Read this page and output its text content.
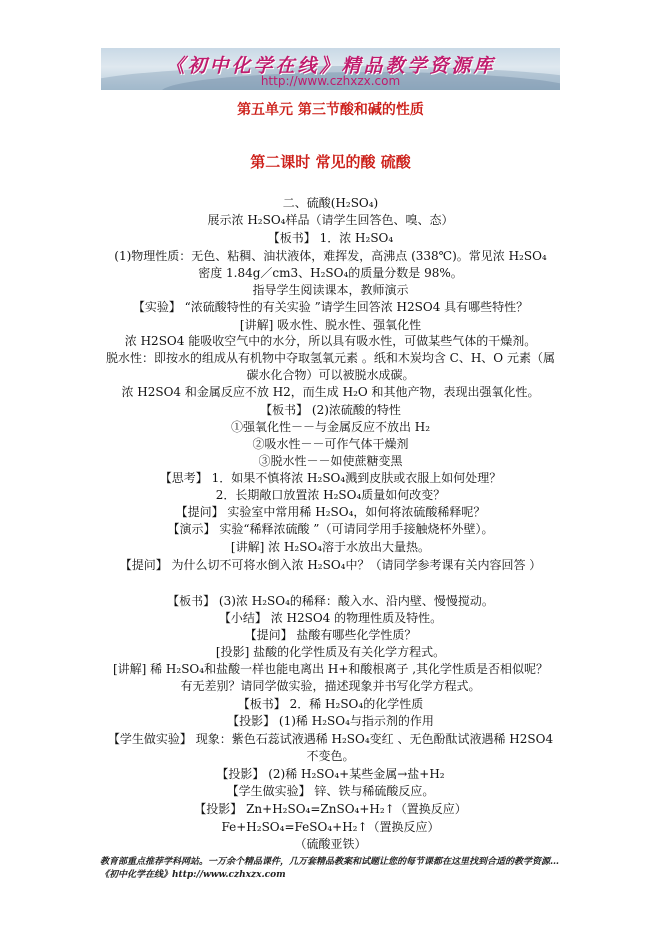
《初中化学在线》精品教学资源库
http://www.czhxzx.com
第五单元 第三节酸和碱的性质
第二课时 常见的酸 硫酸
二、硫酸(H₂SO₄)
展示浓 H₂SO₄样品（请学生回答色、嗅、态）
【板书】 1．浓 H₂SO₄
(1)物理性质：无色、粘稠、油状液体，难挥发，高沸点 (338℃)。常见浓 H₂SO₄
密度 1.84g／cm3、H₂SO₄的质量分数是 98%。
指导学生阅读课本，教师演示
【实验】 “浓硫酸特性的有关实验 ”请学生回答浓 H2SO4 具有哪些特性？
[讲解] 吸水性、脱水性、强氧化性
浓 H2SO4 能吸收空气中的水分，所以具有吸水性，可做某些气体的干燥剂。
脱水性：即按水的组成从有机物中夺取氢氧元素 。纸和木炭均含 C、H、O 元素（属
碳水化合物）可以被脱水成碳。
浓 H2SO4 和金属反应不放 H2，而生成 H₂O 和其他产物，表现出强氧化性。
【板书】 (2)浓硫酸的特性
①强氧化性－－与金属反应不放出 H₂
②吸水性－－可作气体干燥剂
③脱水性－－如使蔗糖变黑
【思考】 1．如果不慎将浓 H₂SO₄溅到皮肤或衣服上如何处理？
2．长期敞口放置浓 H₂SO₄质量如何改变？
【提问】 实验室中常用稀 H₂SO₄，如何将浓硫酸稀释呢？
【演示】 实验“稀释浓硫酸 ”（可请同学用手接触烧杯外壁）。
[讲解] 浓 H₂SO₄溶于水放出大量热。
【提问】 为什么切不可将水倒入浓 H₂SO₄中？（请同学参考课有关内容回答 ）
【板书】 (3)浓 H₂SO₄的稀释：酸入水、沿内壁、慢慢搅动。
【小结】 浓 H2SO4 的物理性质及特性。
【提问】 盐酸有哪些化学性质？
[投影] 盐酸的化学性质及有关化学方程式。
[讲解] 稀 H₂SO₄和盐酸一样也能电离出 H+和酸根离子 ,其化学性质是否相似呢？
有无差别？请同学做实验，描述现象并书写化学方程式。
【板书】 2．稀 H₂SO₄的化学性质
【投影】 (1)稀 H₂SO₄与指示剂的作用
【学生做实验】 现象：紫色石蕊试液遇稀 H₂SO₄变红 、无色酚酞试液遇稀 H2SO4
不变色。
【投影】 (2)稀 H₂SO₄+某些金属→盐+H₂
【学生做实验】 锌、铁与稀硫酸反应。
【投影】 Zn+H₂SO₄=ZnSO₄+H₂↑（置换反应）
Fe+H₂SO₄=FeSO₄+H₂↑（置换反应）
（硫酸亚铁）
教育部重点推荐学科网站。一万余个精品课件，几万套精品教案和试题让您的每节课都在这里找到合适的教学资源…《初中化学在线》http://www.czhxzx.com
